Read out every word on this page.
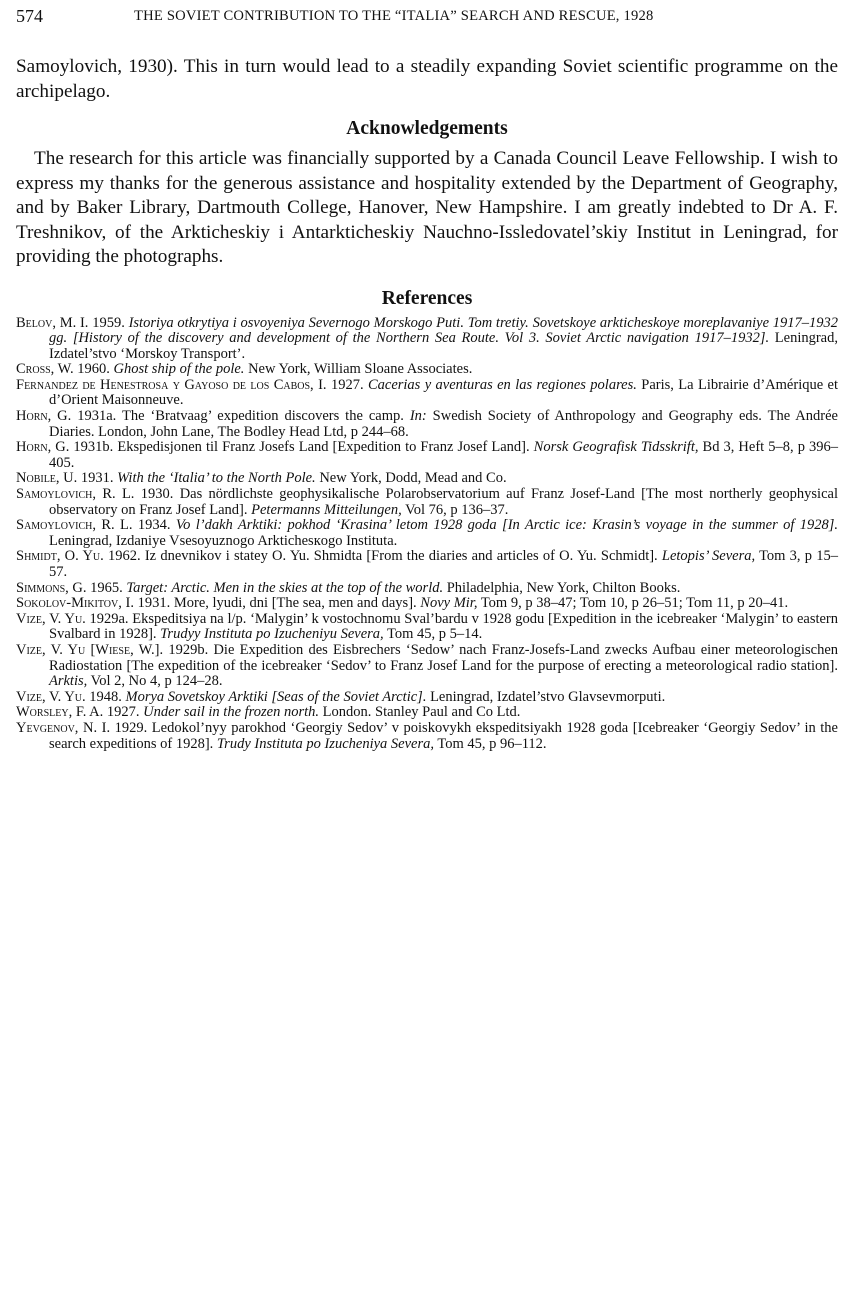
574	THE SOVIET CONTRIBUTION TO THE “ITALIA” SEARCH AND RESCUE, 1928

Samoylovich, 1930). This in turn would lead to a steadily expanding Soviet scientific programme on the archipelago.

Acknowledgements

The research for this article was financially supported by a Canada Council Leave Fellowship. I wish to express my thanks for the generous assistance and hospitality extended by the Department of Geography, and by Baker Library, Dartmouth College, Hanover, New Hampshire. I am greatly indebted to Dr A. F. Treshnikov, of the Arkticheskiy i Antarkticheskiy Nauchno-Issledovatel’skiy Institut in Leningrad, for providing the photographs.

References

Belov, M. I. 1959. Istoriya otkrytiya i osvoyeniya Severnogo Morskogo Puti. Tom tretiy. Sovetskoye arkticheskoye moreplavaniye 1917–1932 gg. [History of the discovery and development of the Northern Sea Route. Vol 3. Soviet Arctic navigation 1917–1932]. Leningrad, Izdatel’stvo ‘Morskoy Transport’.

Cross, W. 1960. Ghost ship of the pole. New York, William Sloane Associates.

Fernandez de Henestrosa y Gayoso de los Cabos, I. 1927. Cacerias y aventuras en las regiones polares. Paris, La Librairie d’Amérique et d’Orient Maisonneuve.

Horn, G. 1931a. The ‘Bratvaag’ expedition discovers the camp. In: Swedish Society of Anthropology and Geography eds. The Andrée Diaries. London, John Lane, The Bodley Head Ltd, p 244–68.

Horn, G. 1931b. Ekspedisjonen til Franz Josefs Land [Expedition to Franz Josef Land]. Norsk Geografisk Tidsskrift, Bd 3, Heft 5–8, p 396–405.

Nobile, U. 1931. With the ‘Italia’ to the North Pole. New York, Dodd, Mead and Co.

Samoylovich, R. L. 1930. Das nördlichste geophysikalische Polarobservatorium auf Franz Josef-Land [The most northerly geophysical observatory on Franz Josef Land]. Petermanns Mitteilungen, Vol 76, p 136–37.

Samoylovich, R. L. 1934. Vo l’dakh Arktiki: pokhod ‘Krasina’ letom 1928 goda [In Arctic ice: Krasin’s voyage in the summer of 1928]. Leningrad, Izdaniye Vsesoyuznogo Arktichesкogo Instituta.

Shmidt, O. Yu. 1962. Iz dnevnikov i statey O. Yu. Shmidta [From the diaries and articles of O. Yu. Schmidt]. Letopis’ Severa, Tom 3, p 15–57.

Simmons, G. 1965. Target: Arctic. Men in the skies at the top of the world. Philadelphia, New York, Chilton Books.

Sokolov-Mikitov, I. 1931. More, lyudi, dni [The sea, men and days]. Novy Mir, Tom 9, p 38–47; Tom 10, p 26–51; Tom 11, p 20–41.

Vize, V. Yu. 1929a. Ekspeditsiya na l/p. ‘Malygin’ k vostochnomu Sval’bardu v 1928 godu [Expedition in the icebreaker ‘Malygin’ to eastern Svalbard in 1928]. Trudyy Instituta po Izucheniyu Severa, Tom 45, p 5–14.

Vize, V. Yu [Wiese, W.]. 1929b. Die Expedition des Eisbrechers ‘Sedow’ nach Franz-Josefs-Land zwecks Aufbau einer meteorologischen Radiostation [The expedition of the icebreaker ‘Sedov’ to Franz Josef Land for the purpose of erecting a meteorological radio station]. Arktis, Vol 2, No 4, p 124–28.

Vize, V. Yu. 1948. Morya Sovetskoy Arktiki [Seas of the Soviet Arctic]. Leningrad, Izdatel’stvo Glavsevmorputi.

Worsley, F. A. 1927. Under sail in the frozen north. London. Stanley Paul and Co Ltd.

Yevgenov, N. I. 1929. Ledokol’nyy parokhod ‘Georgiy Sedov’ v poiskovykh ekspeditsiyakh 1928 goda [Icebreaker ‘Georgiy Sedov’ in the search expeditions of 1928]. Trudy Instituta po Izucheniya Severa, Tom 45, p 96–112.
